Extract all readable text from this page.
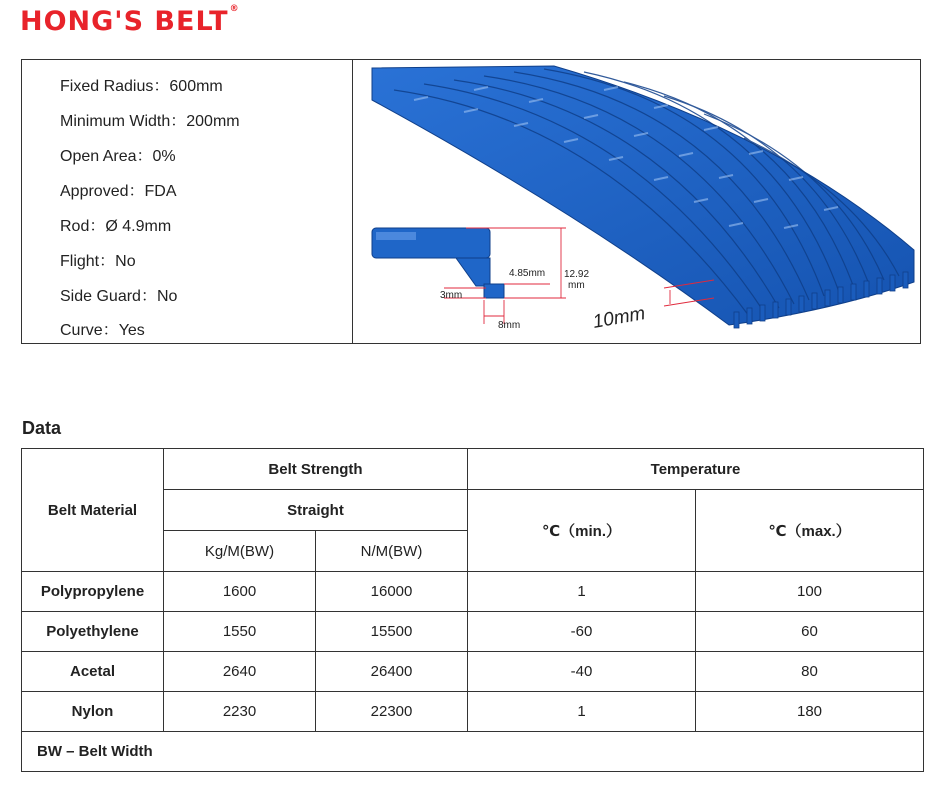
HONG'S BELT®
Fixed Radius：600mm
Minimum Width：200mm
Open Area：0%
Approved：FDA
Rod：Ø 4.9mm
Flight：No
Side Guard：No
Curve：Yes
4.85mm 12.92
mm
3mm
8mm	10mm
Data
Belt Material	Belt Strength		Temperature	
	Straight		℃（min.）	℃（max.）
	Kg/M(BW)	N/M(BW)		
Polypropylene	1600	16000	1	100
Polyethylene	1550	15500	-60	60
Acetal	2640	26400	-40	80
Nylon	2230	22300	1	180
BW – Belt Width				
